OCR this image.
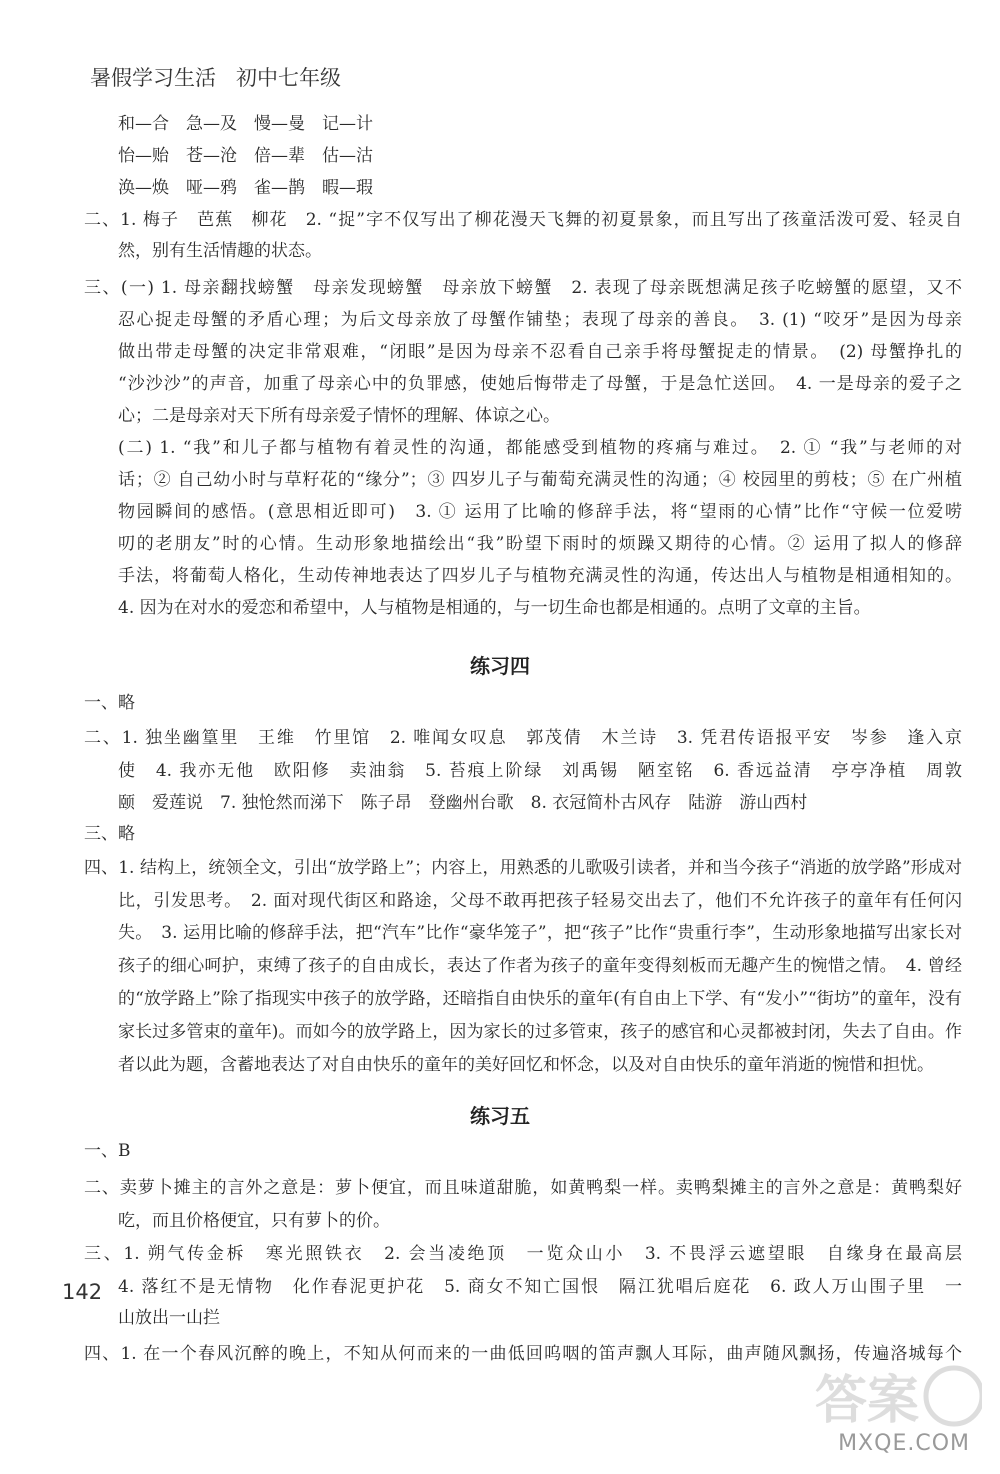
暑假学习生活 初中七年级
和—合　急—及　慢—曼　记—计
怡—贻　苍—沧　倍—辈　估—沽
涣—焕　哑—鸦　雀—鹊　暇—瑕
二、1. 梅子　芭蕉　柳花　2. “捉”字不仅写出了柳花漫天飞舞的初夏景象，而且写出了孩童活泼可爱、轻灵自
然，别有生活情趣的状态。
三、(一) 1. 母亲翻找螃蟹　母亲发现螃蟹　母亲放下螃蟹　2. 表现了母亲既想满足孩子吃螃蟹的愿望，又不
忍心捉走母蟹的矛盾心理；为后文母亲放了母蟹作铺垫；表现了母亲的善良。　3. (1) “咬牙”是因为母亲
做出带走母蟹的决定非常艰难，“闭眼”是因为母亲不忍看自己亲手将母蟹捉走的情景。　(2) 母蟹挣扎的
“沙沙沙”的声音，加重了母亲心中的负罪感，使她后悔带走了母蟹，于是急忙送回。　4. 一是母亲的爱子之
心；二是母亲对天下所有母亲爱子情怀的理解、体谅之心。
(二) 1. “我”和儿子都与植物有着灵性的沟通，都能感受到植物的疼痛与难过。　2. ① “我”与老师的对
话；② 自己幼小时与草籽花的“缘分”；③ 四岁儿子与葡萄充满灵性的沟通；④ 校园里的剪枝；⑤ 在广州植
物园瞬间的感悟。(意思相近即可)　3. ① 运用了比喻的修辞手法，将“望雨的心情”比作“守候一位爱唠
叨的老朋友”时的心情。生动形象地描绘出“我”盼望下雨时的烦躁又期待的心情。② 运用了拟人的修辞
手法，将葡萄人格化，生动传神地表达了四岁儿子与植物充满灵性的沟通，传达出人与植物是相通相知的。
4. 因为在对水的爱恋和希望中，人与植物是相通的，与一切生命也都是相通的。点明了文章的主旨。
练习四
一、略
二、1. 独坐幽篁里　王维　竹里馆　2. 唯闻女叹息　郭茂倩　木兰诗　3. 凭君传语报平安　岑参　逢入京
使　4. 我亦无他　欧阳修　卖油翁　5. 苔痕上阶绿　刘禹锡　陋室铭　6. 香远益清　亭亭净植　周敦
颐　爱莲说　7. 独怆然而涕下　陈子昂　登幽州台歌　8. 衣冠简朴古风存　陆游　游山西村
三、略
四、1. 结构上，统领全文，引出“放学路上”；内容上，用熟悉的儿歌吸引读者，并和当今孩子“消逝的放学路”形成对
比，引发思考。　2. 面对现代街区和路途，父母不敢再把孩子轻易交出去了，他们不允许孩子的童年有任何闪
失。　3. 运用比喻的修辞手法，把“汽车”比作“豪华笼子”，把“孩子”比作“贵重行李”，生动形象地描写出家长对
孩子的细心呵护，束缚了孩子的自由成长，表达了作者为孩子的童年变得刻板而无趣产生的惋惜之情。　4. 曾经
的“放学路上”除了指现实中孩子的放学路，还暗指自由快乐的童年(有自由上下学、有“发小”“街坊”的童年，没有
家长过多管束的童年)。而如今的放学路上，因为家长的过多管束，孩子的感官和心灵都被封闭，失去了自由。作
者以此为题，含蓄地表达了对自由快乐的童年的美好回忆和怀念，以及对自由快乐的童年消逝的惋惜和担忧。
练习五
一、B
二、卖萝卜摊主的言外之意是：萝卜便宜，而且味道甜脆，如黄鸭梨一样。卖鸭梨摊主的言外之意是：黄鸭梨好
吃，而且价格便宜，只有萝卜的价。
三、1. 朔气传金柝　寒光照铁衣　2. 会当凌绝顶　一览众山小　3. 不畏浮云遮望眼　自缘身在最高层
4. 落红不是无情物　化作春泥更护花　5. 商女不知亡国恨　隔江犹唱后庭花　6. 政人万山围子里　一
山放出一山拦
四、1. 在一个春风沉醉的晚上，不知从何而来的一曲低回呜咽的笛声飘人耳际，曲声随风飘扬，传遍洛城每个
142
答案
MXQE.COM
